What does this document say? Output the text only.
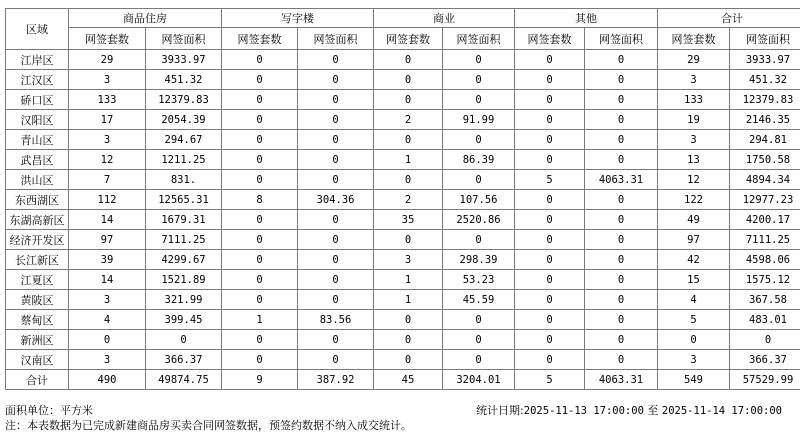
区域	商品住房		写字楼		商业		其他		合计	
	网签套数	网签面积	网签套数	网签面积	网签套数	网签面积	网签套数	网签面积	网签套数	网签面积
江岸区	29	3933.97	0	0	0	0	0	0	29	3933.97
江汉区	3	451.32	0	0	0	0	0	0	3	451.32
硚口区	133	12379.83	0	0	0	0	0	0	133	12379.83
汉阳区	17	2054.39	0	0	2	91.99	0	0	19	2146.35
青山区	3	294.67	0	0	0	0	0	0	3	294.81
武昌区	12	1211.25	0	0	1	86.39	0	0	13	1750.58
洪山区	7	831.	0	0	0	0	5	4063.31	12	4894.34
东西湖区	112	12565.31	8	304.36	2	107.56	0	0	122	12977.23
东湖高新区	14	1679.31	0	0	35	2520.86	0	0	49	4200.17
经济开发区	97	7111.25	0	0	0	0	0	0	97	7111.25
长江新区	39	4299.67	0	0	3	298.39	0	0	42	4598.06
江夏区	14	1521.89	0	0	1	53.23	0	0	15	1575.12
黄陂区	3	321.99	0	0	1	45.59	0	0	4	367.58
蔡甸区	4	399.45	1	83.56	0	0	0	0	5	483.01
新洲区	0	0	0	0	0	0	0	0	0	0
汉南区	3	366.37	0	0	0	0	0	0	3	366.37
合计	490	49874.75	9	387.92	45	3204.01	5	4063.31	549	57529.99
面积单位：平方米	统计日期:2025-11-13 17:00:00 至 2025-11-14 17:00:00
注：本表数据为已完成新建商品房买卖合同网签数据，预签约数据不纳入成交统计。
